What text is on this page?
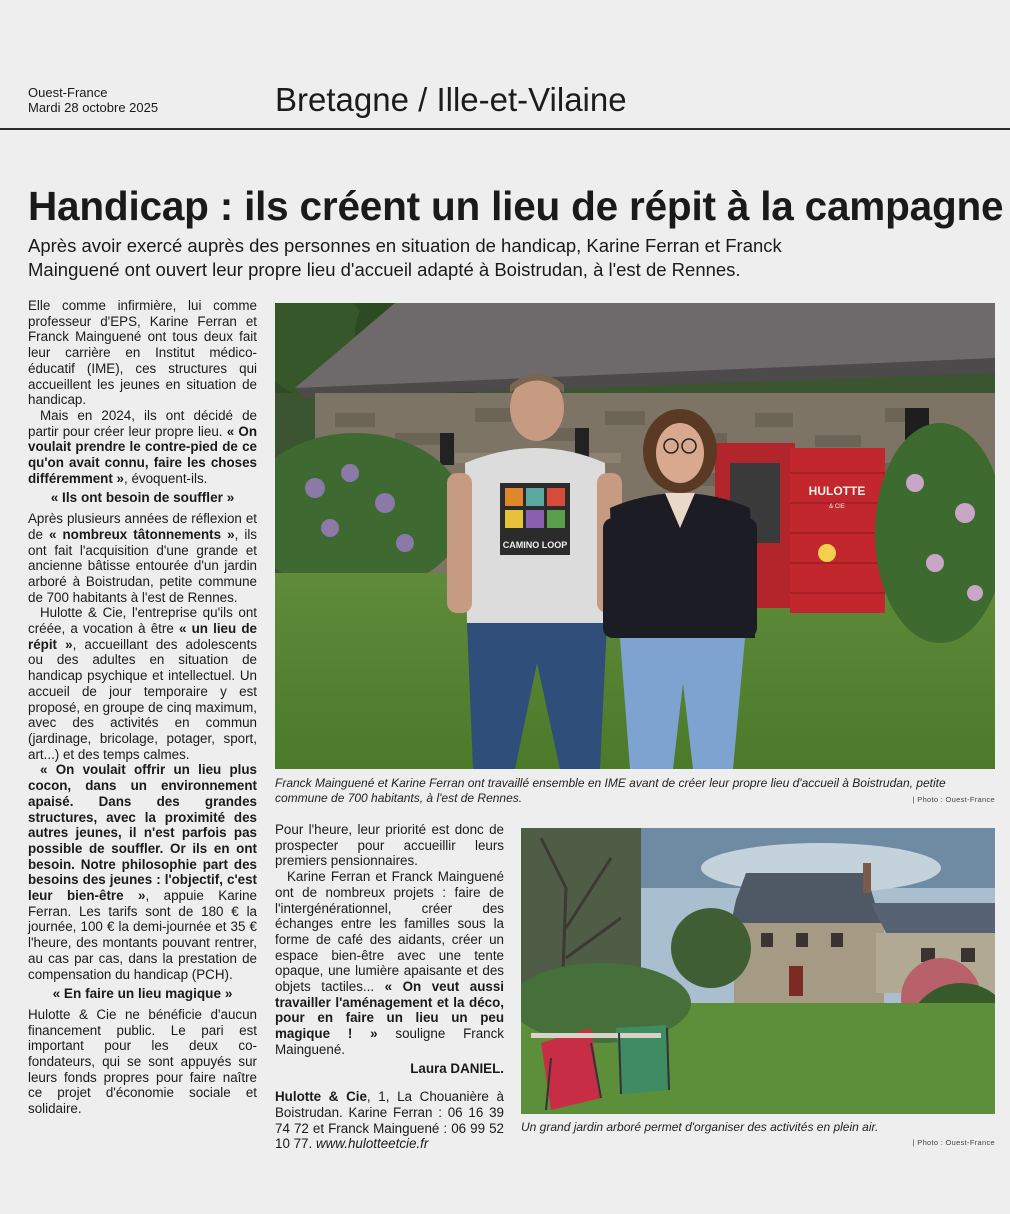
Ouest-France
Mardi 28 octobre 2025	Bretagne / Ille-et-Vilaine
Handicap : ils créent un lieu de répit à la campagne
Après avoir exercé auprès des personnes en situation de handicap, Karine Ferran et Franck Mainguené ont ouvert leur propre lieu d'accueil adapté à Boistrudan, à l'est de Rennes.

Elle comme infirmière, lui comme professeur d'EPS, Karine Ferran et Franck Mainguené ont tous deux fait leur carrière en Institut médico-éducatif (IME), ces structures qui accueillent les jeunes en situation de handicap.

Mais en 2024, ils ont décidé de partir pour créer leur propre lieu. « On voulait prendre le contre-pied de ce qu'on avait connu, faire les choses différemment », évoquent-ils.

« Ils ont besoin de souffler »

Après plusieurs années de réflexion et de « nombreux tâtonnements », ils ont fait l'acquisition d'une grande et ancienne bâtisse entourée d'un jardin arboré à Boistrudan, petite commune de 700 habitants à l'est de Rennes.

Hulotte & Cie, l'entreprise qu'ils ont créée, a vocation à être « un lieu de répit », accueillant des adolescents ou des adultes en situation de handicap psychique et intellectuel. Un accueil de jour temporaire y est proposé, en groupe de cinq maximum, avec des activités en commun (jardinage, bricolage, potager, sport, art...) et des temps calmes.

« On voulait offrir un lieu plus cocon, dans un environnement apaisé. Dans des grandes structures, avec la proximité des autres jeunes, il n'est parfois pas possible de souffler. Or ils en ont besoin. Notre philosophie part des besoins des jeunes : l'objectif, c'est leur bien-être », appuie Karine Ferran. Les tarifs sont de 180 € la journée, 100 € la demi-journée et 35 € l'heure, des montants pouvant rentrer, au cas par cas, dans la prestation de compensation du handicap (PCH).

« En faire un lieu magique »

Hulotte & Cie ne bénéficie d'aucun financement public. Le pari est important pour les deux co-fondateurs, qui se sont appuyés sur leurs fonds propres pour faire naître ce projet d'économie sociale et solidaire.

HULOTTE
& CIE
CAMINO LOOP
Franck Mainguené et Karine Ferran ont travaillé ensemble en IME avant de créer leur propre lieu d'accueil à Boistrudan, petite commune de 700 habitants, à l'est de Rennes.	| Photo : Ouest-France

Pour l'heure, leur priorité est donc de prospecter pour accueillir leurs premiers pensionnaires.

Karine Ferran et Franck Mainguené ont de nombreux projets : faire de l'intergénérationnel, créer des échanges entre les familles sous la forme de café des aidants, créer un espace bien-être avec une tente opaque, une lumière apaisante et des objets tactiles... « On veut aussi travailler l'aménagement et la déco, pour en faire un lieu un peu magique ! » souligne Franck Mainguené.

Laura DANIEL.

Hulotte & Cie, 1, La Chouanière à Boistrudan. Karine Ferran : 06 16 39 74 72 et Franck Mainguené : 06 99 52 10 77. www.hulotteetcie.fr

Un grand jardin arboré permet d'organiser des activités en plein air.
| Photo : Ouest-France
